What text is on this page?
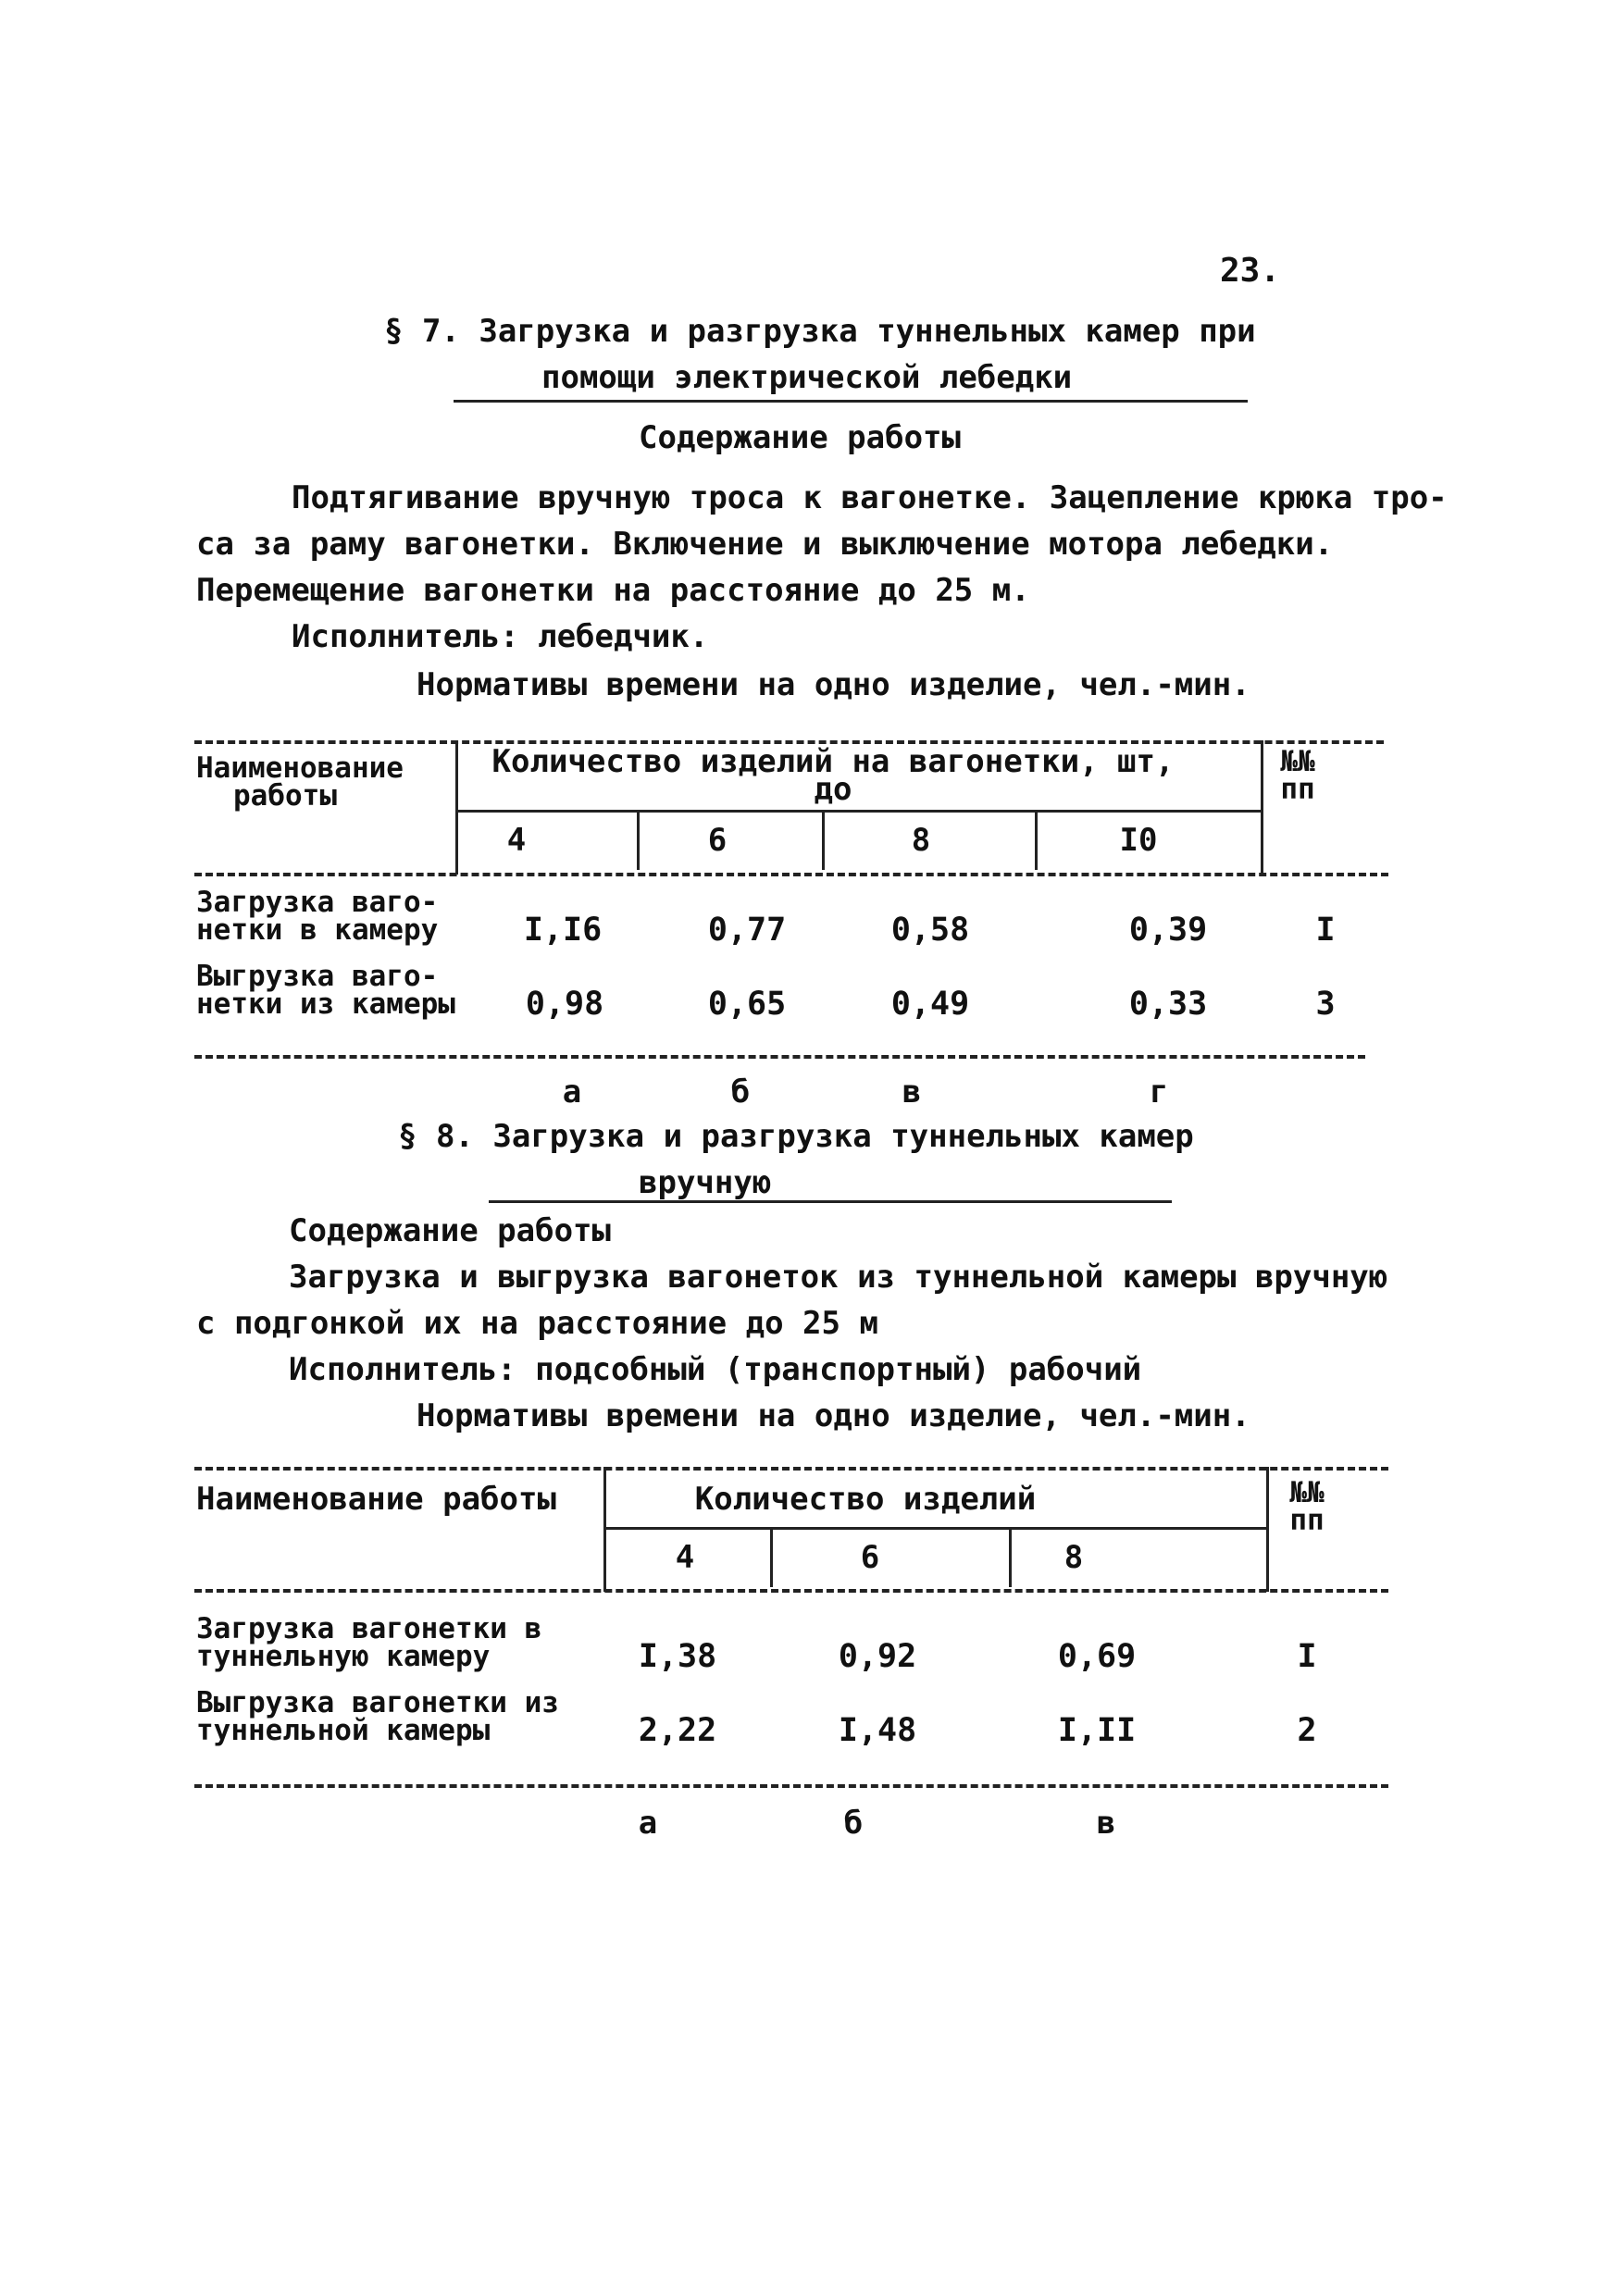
23.
§ 7. Загрузка и разгрузка туннельных камер при
помощи электрической лебедки
Содержание работы
Подтягивание вручную троса к вагонетке. Зацепление крюка тро-
са за раму вагонетки. Включение и выключение мотора лебедки.
Перемещение вагонетки на расстояние до 25 м.
Исполнитель: лебедчик.
Нормативы времени на одно изделие, чел.-мин.
Наименование
работы
Количество изделий на вагонетки, шт,
до
№№
пп
4	6	8	I0
Загрузка ваго-
нетки в камеру	I,I6	0,77	0,58	0,39	I
Выгрузка ваго-
нетки из камеры 0,98	0,65	0,49	0,33	3
а	б	в	г
§ 8. Загрузка и разгрузка туннельных камер
вручную
Содержание работы
Загрузка и выгрузка вагонеток из туннельной камеры вручную
с подгонкой их на расстояние до 25 м
Исполнитель: подсобный (транспортный) рабочий
Нормативы времени на одно изделие, чел.-мин.
Наименование работы	Количество изделий	№№
пп
4	6	8
Загрузка вагонетки в
туннельную камеру	I,38	0,92	0,69	I
Выгрузка вагонетки из
туннельной камеры	2,22	I,48	I,II	2
а	б	в
